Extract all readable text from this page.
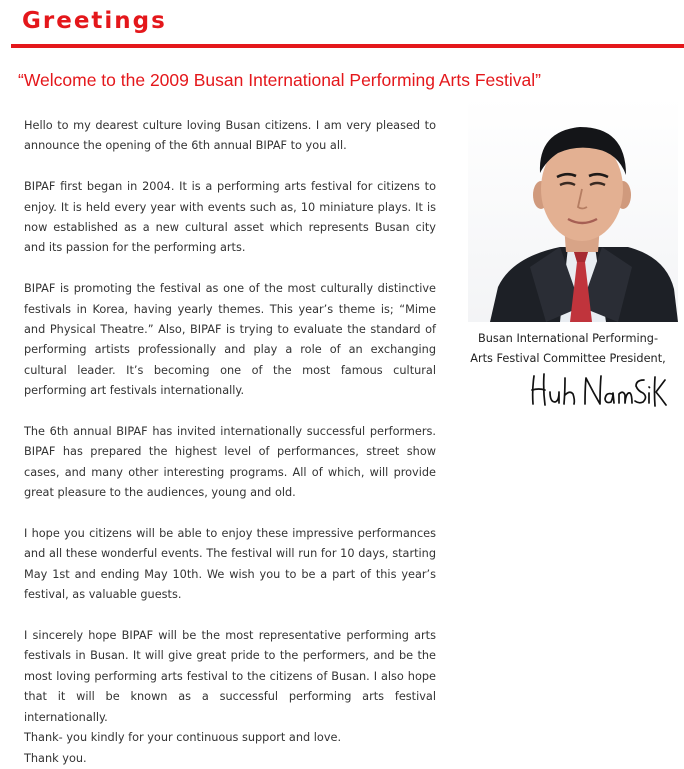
Greetings
“Welcome to the 2009 Busan International Performing Arts Festival”

Hello to my dearest culture loving Busan citizens. I am very pleased to announce the opening of the 6th annual BIPAF to you all.

BIPAF first began in 2004. It is a performing arts festival for citizens to enjoy. It is held every year with events such as, 10 miniature plays. It is now established as a new cultural asset which represents Busan city and its passion for the performing arts.

BIPAF is promoting the festival as one of the most culturally distinctive festivals in Korea, having yearly themes. This year’s theme is; “Mime and Physical Theatre.” Also, BIPAF is trying to evaluate the standard of performing artists professionally and play a role of an exchanging cultural leader. It’s becoming one of the most famous cultural performing art festivals internationally.

The 6th annual BIPAF has invited internationally successful performers. BIPAF has prepared the highest level of performances, street show cases, and many other interesting programs. All of which, will provide great pleasure to the audiences, young and old.

I hope you citizens will be able to enjoy these impressive performances and all these wonderful events. The festival will run for 10 days, starting May 1st and ending May 10th. We wish you to be a part of this year’s festival, as valuable guests.

I sincerely hope BIPAF will be the most representative performing arts festivals in Busan. It will give great pride to the performers, and be the most loving performing arts festival to the citizens of Busan. I also hope that it will be known as a successful performing arts festival internationally.
Thank- you kindly for your continuous support and love.
Thank you.

Busan International Performing-
Arts Festival Committee President,
